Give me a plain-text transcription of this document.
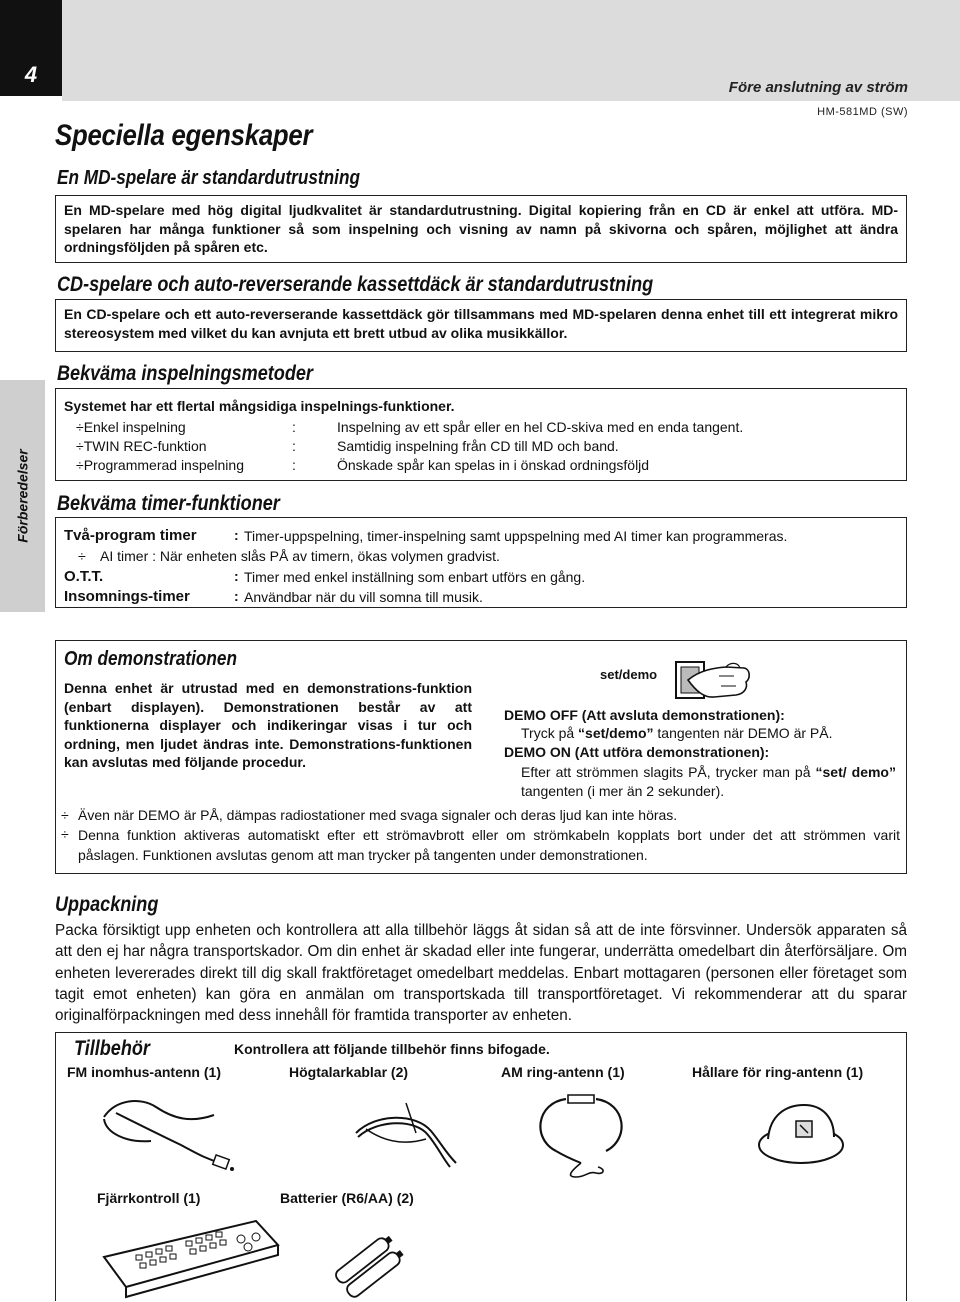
4
Före anslutning av ström
HM-581MD (SW)
Förberedelser
Speciella egenskaper
En MD-spelare är standardutrustning
En MD-spelare med hög digital ljudkvalitet är standardutrustning. Digital kopiering från en CD är enkel att utföra. MD-spelaren har många funktioner så som inspelning och visning av namn på skivorna och spåren, möjlighet att ändra ordningsföljden på spåren etc.
CD-spelare och auto-reverserande kassettdäck är standardutrustning
En CD-spelare och ett auto-reverserande kassettdäck gör tillsammans med MD-spelaren denna enhet till ett integrerat mikro stereosystem med vilket du kan avnjuta ett brett utbud av olika musikkällor.
Bekväma inspelningsmetoder
Systemet har ett flertal mångsidiga inspelnings-funktioner.
÷Enkel inspelning	:	Inspelning av ett spår eller en hel CD-skiva med en enda tangent.
÷TWIN REC-funktion	:	Samtidig inspelning från CD till MD och band.
÷Programmerad inspelning	:	Önskade spår kan spelas in i önskad ordningsföljd
Bekväma timer-funktioner
Två-program timer	: Timer-uppspelning, timer-inspelning samt uppspelning med AI timer kan programmeras.
÷ AI timer : När enheten slås PÅ av timern, ökas volymen gradvist.
O.T.T.	: Timer med enkel inställning som enbart utförs en gång.
Insomnings-timer	: Användbar när du vill somna till musik.
Om demonstrationen
Denna enhet är utrustad med en demonstrations-funktion (enbart displayen). Demonstrationen består av att funktionerna displayer och indikeringar visas i tur och ordning, men ljudet ändras inte. Demonstrations-funktionen kan avslutas med följande procedur.
set/demo
DEMO OFF (Att avsluta demonstrationen):
Tryck på “set/demo” tangenten när DEMO är PÅ.
DEMO ON (Att utföra demonstrationen):
Efter att strömmen slagits PÅ, trycker man på “set/ demo” tangenten (i mer än 2 sekunder).
÷ Även när DEMO är PÅ, dämpas radiostationer med svaga signaler och deras ljud kan inte höras.
÷ Denna funktion aktiveras automatiskt efter ett strömavbrott eller om strömkabeln kopplats bort under det att strömmen varit påslagen. Funktionen avslutas genom att man trycker på tangenten under demonstrationen.
Uppackning
Packa försiktigt upp enheten och kontrollera att alla tillbehör läggs åt sidan så att de inte försvinner. Undersök apparaten så att den ej har några transportskador. Om din enhet är skadad eller inte fungerar, underrätta omedelbart din återförsäljare. Om enheten levererades direkt till dig skall fraktföretaget omedelbart meddelas. Enbart mottagaren (personen eller företaget som tagit emot enheten) kan göra en anmälan om transportskada till transportföretaget. Vi rekommenderar att du sparar originalförpackningen med dess innehåll för framtida transporter av enheten.
Tillbehör	Kontrollera att följande tillbehör finns bifogade.
FM inomhus-antenn (1)	Högtalarkablar (2)	AM ring-antenn (1)	Hållare för ring-antenn (1)
Fjärrkontroll (1)	Batterier (R6/AA) (2)
